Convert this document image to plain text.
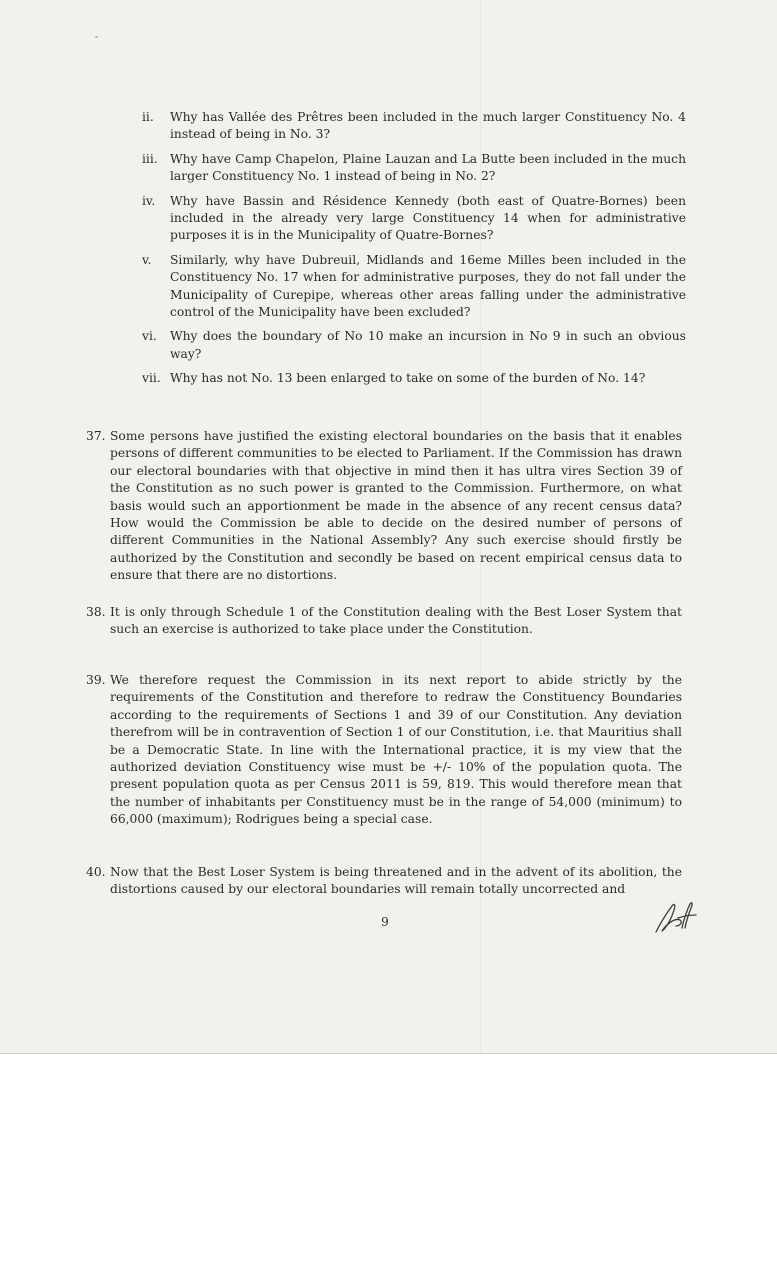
ii.	Why has Vallée des Prêtres been included in the much larger Constituency No. 4 instead of being in No. 3?
iii. Why have Camp Chapelon, Plaine Lauzan and La Butte been included in the much larger Constituency No. 1 instead of being in No. 2?
iv.	Why have Bassin and Résidence Kennedy (both east of Quatre-Bornes) been included in the already very large Constituency 14 when for administrative purposes it is in the Municipality of Quatre-Bornes?
v.	Similarly, why have Dubreuil, Midlands and 16eme Milles been included in the Constituency No. 17 when for administrative purposes, they do not fall under the Municipality of Curepipe, whereas other areas falling under the administrative control of the Municipality have been excluded?
vi.	Why does the boundary of No 10 make an incursion in No 9 in such an obvious way?
vii. Why has not No. 13 been enlarged to take on some of the burden of No. 14?
37. Some persons have justified the existing electoral boundaries on the basis that it enables persons of different communities to be elected to Parliament. If the Commission has drawn our electoral boundaries with that objective in mind then it has ultra vires Section 39 of the Constitution as no such power is granted to the Commission. Furthermore, on what basis would such an apportionment be made in the absence of any recent census data? How would the Commission be able to decide on the desired number of persons of different Communities in the National Assembly? Any such exercise should firstly be authorized by the Constitution and secondly be based on recent empirical census data to ensure that there are no distortions.
38. It is only through Schedule 1 of the Constitution dealing with the Best Loser System that such an exercise is authorized to take place under the Constitution.
39. We therefore request the Commission in its next report to abide strictly by the requirements of the Constitution and therefore to redraw the Constituency Boundaries according to the requirements of Sections 1 and 39 of our Constitution. Any deviation therefrom will be in contravention of Section 1 of our Constitution, i.e. that Mauritius shall be a Democratic State. In line with the International practice, it is my view that the authorized deviation Constituency wise must be +/- 10% of the population quota. The present population quota as per Census 2011 is 59, 819. This would therefore mean that the number of inhabitants per Constituency must be in the range of 54,000 (minimum) to 66,000 (maximum); Rodrigues being a special case.
40. Now that the Best Loser System is being threatened and in the advent of its abolition, the distortions caused by our electoral boundaries will remain totally uncorrected and
9
